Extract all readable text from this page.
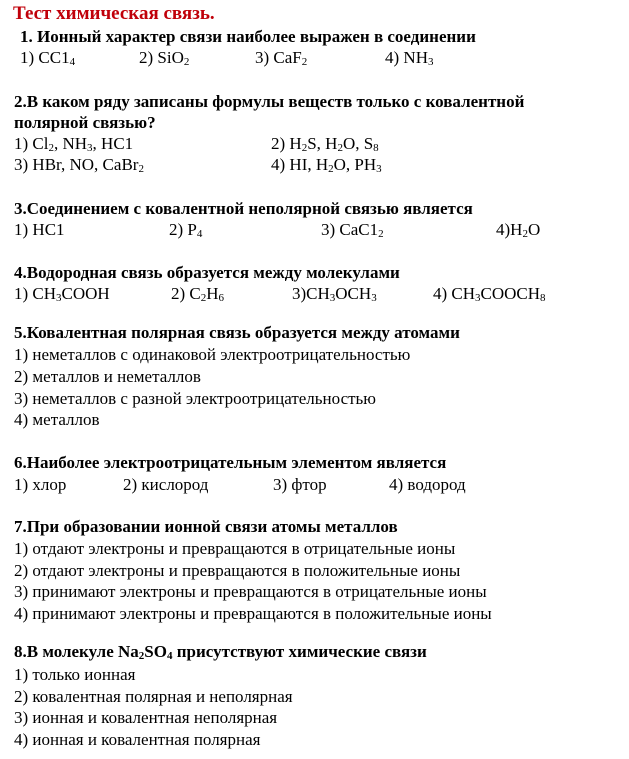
Тест химическая связь.
1. Ионный характер связи наиболее выражен в соединении
1) $CC1_4$	2) SiO$_2$	3) CaF$_2$	4) $NH_3$
2.В каком ряду записаны формулы веществ только с ковалентной
полярной связью?
1) $Cl_2$, $NH_3$, HC1	2) $H_2S$, $H_2O$, $S_8$
3) HBr, NO, CaBr$_2$	4) HI, $H_2O$, $PH_3$
3.Соединением с ковалентной неполярной связью является
1) HC1	2) $P_4$	3) $CaC1_2$	$4)H_2O$
4.Водородная связь образуется между молекулами
1) $CH_3COOH$	2) $C_2H_6$	$3)CH_3OCH_3$	4) $CH_3COOCH_8$
5.Ковалентная полярная связь образуется между атомами
1) неметаллов с одинаковой электроотрицательностью
2) металлов и неметаллов
3) неметаллов с разной электроотрицательностью
4) металлов
6.Наиболее электроотрицательным элементом является
1) хлор	2) кислород	3) фтор	4) водород
7.При образовании ионной связи атомы металлов
1) отдают электроны и превращаются в отрицательные ионы
2) отдают электроны и превращаются в положительные ионы
3) принимают электроны и превращаются в отрицательные ионы
4) принимают электроны и превращаются в положительные ионы
8.В молекуле $Na_2SO_4$ присутствуют химические связи
1) только ионная
2) ковалентная полярная и неполярная
3) ионная и ковалентная неполярная
4) ионная и ковалентная полярная
